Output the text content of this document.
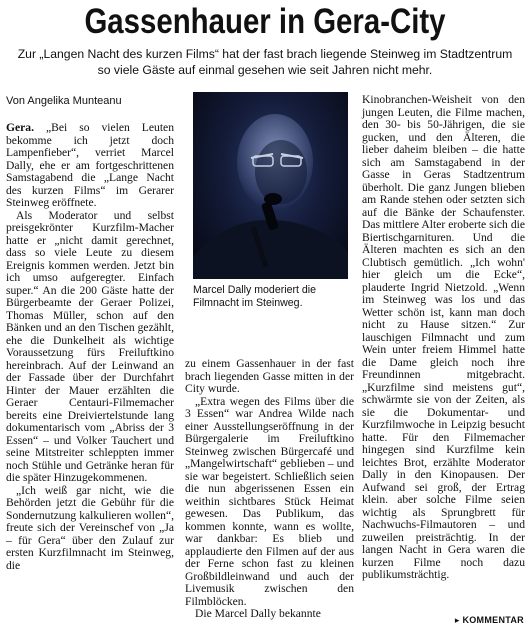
Gassenhauer in Gera-City
Zur „Langen Nacht des kurzen Films“ hat der fast brach liegende Steinweg im Stadtzentrum
so viele Gäste auf einmal gesehen wie seit Jahren nicht mehr.
Von Angelika Munteanu

Gera. „Bei so vielen Leuten bekomme ich jetzt doch Lampenfieber“, verriet Marcel Dally, ehe er am fortgeschrittenen Samstagabend die „Lange Nacht des kurzen Films“ im Gerarer Steinweg eröffnete.

Als Moderator und selbst preisgekrönter Kurzfilm-Macher hatte er „nicht damit gerechnet, dass so viele Leute zu diesem Ereignis kommen werden. Jetzt bin ich umso aufgeregter. Einfach super.“ An die 200 Gäste hatte der Bürgerbeamte der Geraer Polizei, Thomas Müller, schon auf den Bänken und an den Tischen gezählt, ehe die Dunkelheit als wichtige Voraussetzung fürs Freiluftkino hereinbrach. Auf der Leinwand an der Fassade über der Durchfahrt Hinter der Mauer erzählten die Geraer Centauri-Filmemacher bereits eine Dreiviertelstunde lang dokumentarisch vom „Abriss der 3 Essen“ – und Volker Tauchert und seine Mitstreiter schleppten immer noch Stühle und Getränke heran für die später Hinzugekommenen.

„Ich weiß gar nicht, wie die Behörden jetzt die Gebühr für die Sondernutzung kalkulieren wollen“, freute sich der Vereinschef von „Ja – für Gera“ über den Zulauf zur ersten Kurzfilmnacht im Steinweg, die

Marcel Dally moderiert die Filmnacht im Steinweg.

zu einem Gassenhauer in der fast brach liegenden Gasse mitten in der City wurde.

„Extra wegen des Films über die 3 Essen“ war Andrea Wilde nach einer Ausstellungseröffnung in der Bürgergalerie im Freiluftkino Steinweg zwischen Bürgercafé und „Mangelwirtschaft“ geblieben – und sie war begeistert. Schließlich seien die nun abgerissenen Essen ein weithin sichtbares Stück Heimat gewesen. Das Publikum, das kommen konnte, wann es wollte, war dankbar: Es blieb und applaudierte den Filmen auf der aus der Ferne schon fast zu kleinen Großbildleinwand und auch der Livemusik zwischen den Filmblöcken.

Die Marcel Dally bekannte

Kinobranchen-Weisheit von den jungen Leuten, die Filme machen, den 30- bis 50-Jährigen, die sie gucken, und den Älteren, die lieber daheim bleiben – die hatte sich am Samstagabend in der Gasse in Geras Stadtzentrum überholt. Die ganz Jungen blieben am Rande stehen oder setzten sich auf die Bänke der Schaufenster. Das mittlere Alter eroberte sich die Biertischgarnituren. Und die Älteren machten es sich an den Clubtisch gemütlich. „Ich wohn' hier gleich um die Ecke“, plauderte Ingrid Nietzold. „Wenn im Steinweg was los und das Wetter schön ist, kann man doch nicht zu Hause sitzen.“ Zur lauschigen Filmnacht und zum Wein unter freiem Himmel hatte die Dame gleich noch ihre Freundinnen mitgebracht. „Kurzfilme sind meistens gut“, schwärmte sie von der Zeiten, als sie die Dokumentar- und Kurzfilmwoche in Leipzig besucht hatte. Für den Filmemacher hingegen sind Kurzfilme kein leichtes Brot, erzählte Moderator Dally in den Kinopausen. Der Aufwand sei groß, der Ertrag klein. aber solche Filme seien wichtig als Sprungbrett für Nachwuchs-Filmautoren – und zuweilen preisträchtig. In der langen Nacht in Gera waren die kurzen Filme noch dazu publikumsträchtig.

▸ KOMMENTAR
